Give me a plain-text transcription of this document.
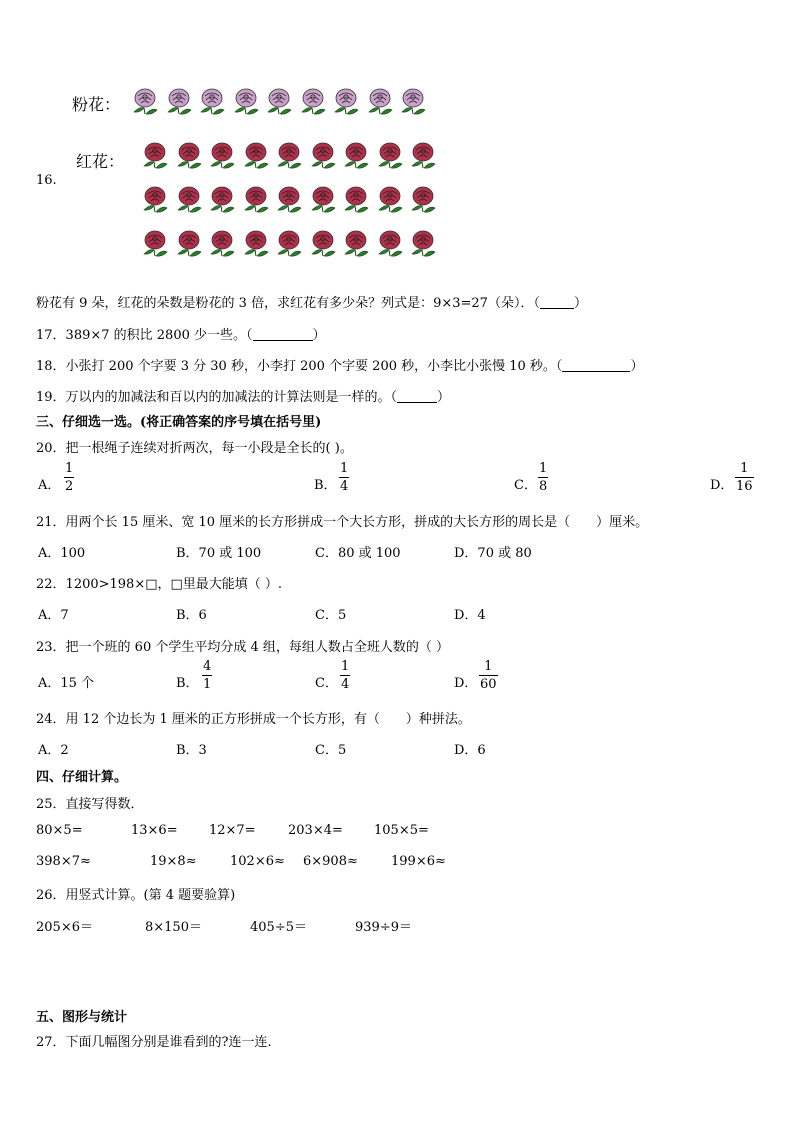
粉花：
红花：
16.
粉花有 9 朵，红花的朵数是粉花的 3 倍，求红花有多少朵？列式是：9×3=27（朵）．（	）
17．389×7 的积比 2800 少一些。（	）
18．小张打 200 个字要 3 分 30 秒，小李打 200 个字要 200 秒，小李比小张慢 10 秒。（	）
19．万以内的加减法和百以内的加减法的计算法则是一样的。（	）
三、仔细选一选。(将正确答案的序号填在括号里)
20．把一根绳子连续对折两次，每一小段是全长的( )。
A．
1
2	B．
1
4	C．
1
8	D．
1
16
21．用两个长 15 厘米、宽 10 厘米的长方形拼成一个大长方形，拼成的大长方形的周长是（　　）厘米。
A．100	B．70 或 100	C．80 或 100	D．70 或 80
22．1200>198×□，□里最大能填（ ）.
A．7	B．6	C．5	D．4
23．把一个班的 60 个学生平均分成 4 组，每组人数占全班人数的（ ）
A．15 个	B．
4
1	C．
1
4	D．
1
60
24．用 12 个边长为 1 厘米的正方形拼成一个长方形，有（　　）种拼法。
A．2	B．3	C．5	D．6
四、仔细计算。
25．直接写得数．
80×5=	13×6= 12×7= 203×4= 105×5=
398×7≈	19×8≈	102×6≈ 6×908≈	199×6≈
26．用竖式计算。(第 4 题要验算)
205×6＝	8×150＝	405÷5＝	939÷9＝
五、图形与统计
27．下面几幅图分别是谁看到的?连一连.
